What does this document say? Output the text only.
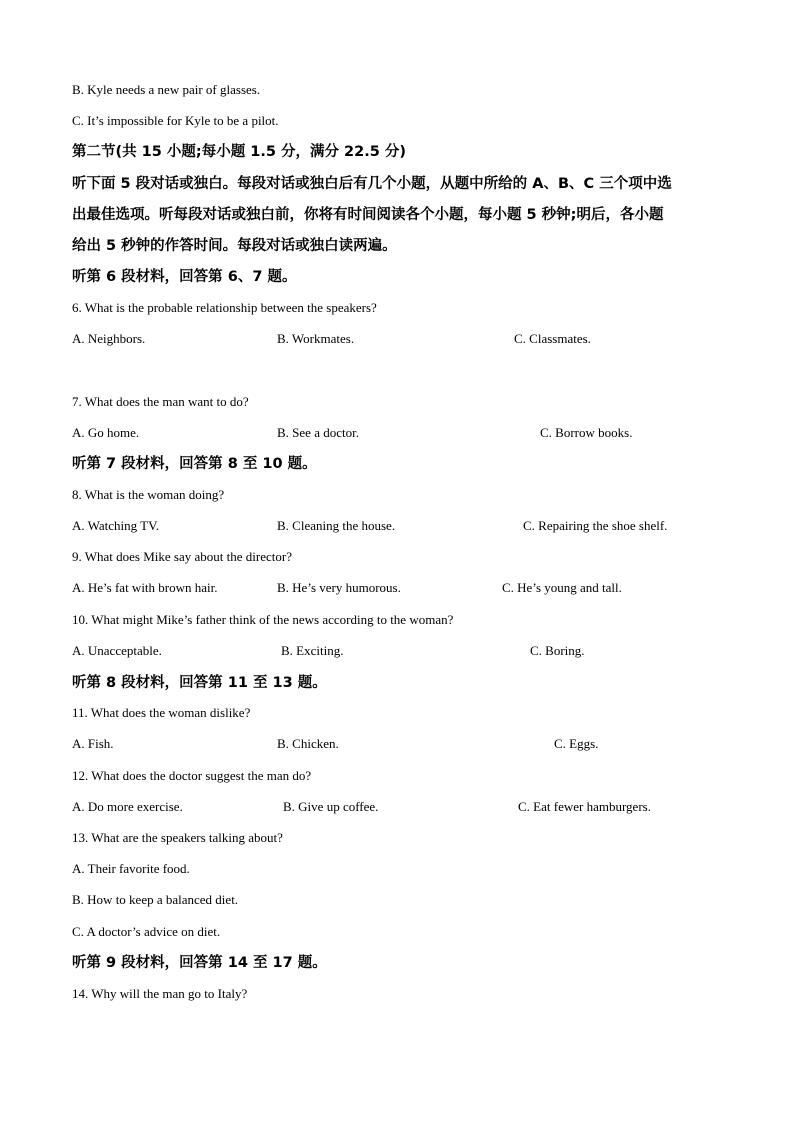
B. Kyle needs a new pair of glasses.
C. It’s impossible for Kyle to be a pilot.
第二节(共 15 小题;每小题 1.5 分，满分 22.5 分)
听下面 5 段对话或独白。每段对话或独白后有几个小题，从题中所给的 A、B、C 三个项中选
出最佳选项。听每段对话或独白前，你将有时间阅读各个小题，每小题 5 秒钟;明后，各小题
给出 5 秒钟的作答时间。每段对话或独白读两遍。
听第 6 段材料，回答第 6、7 题。
6. What is the probable relationship between the speakers?
A. Neighbors.	B. Workmates.	C. Classmates.
7. What does the man want to do?
A. Go home.	B. See a doctor.	C. Borrow books.
听第 7 段材料，回答第 8 至 10 题。
8. What is the woman doing?
A. Watching TV.	B. Cleaning the house.	C. Repairing the shoe shelf.
9. What does Mike say about the director?
A. He’s fat with brown hair.	B. He’s very humorous.	C. He’s young and tall.
10. What might Mike’s father think of the news according to the woman?
A. Unacceptable.	B. Exciting.	C. Boring.
听第 8 段材料，回答第 11 至 13 题。
11. What does the woman dislike?
A. Fish.	B. Chicken.	C. Eggs.
12. What does the doctor suggest the man do?
A. Do more exercise.	B. Give up coffee.	C. Eat fewer hamburgers.
13. What are the speakers talking about?
A. Their favorite food.
B. How to keep a balanced diet.
C. A doctor’s advice on diet.
听第 9 段材料，回答第 14 至 17 题。
14. Why will the man go to Italy?
